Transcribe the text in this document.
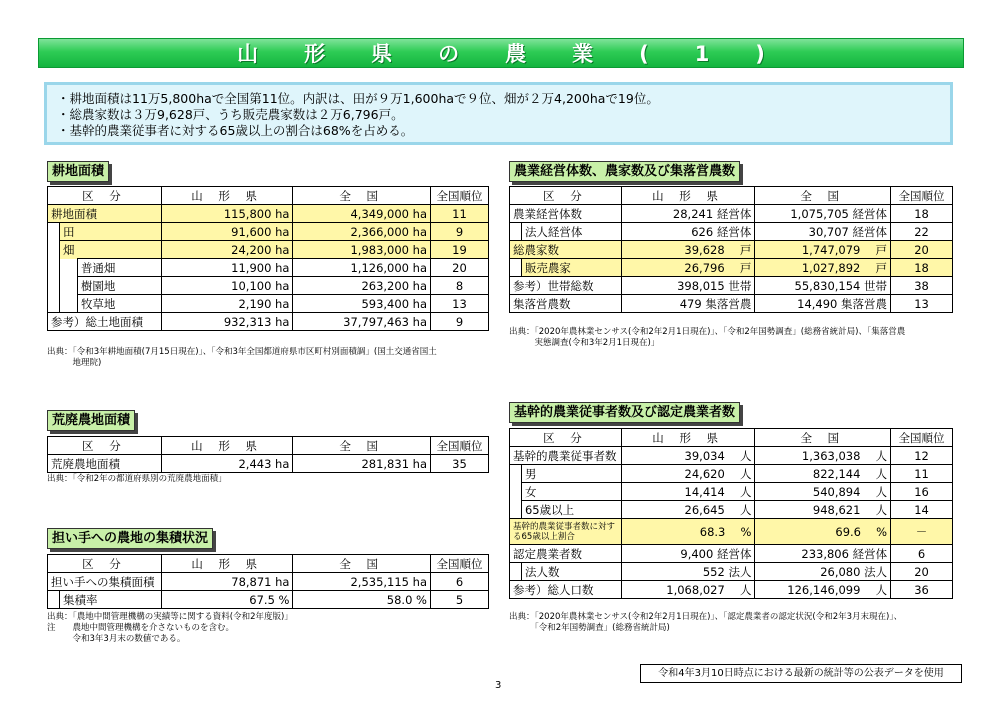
山形県の農業(1)
・耕地面積は11万5,800haで全国第11位。内訳は、田が９万1,600haで９位、畑が２万4,200haで19位。
・総農家数は３万9,628戸、うち販売農家数は２万6,796戸。
・基幹的農業従事者に対する65歳以上の割合は68%を占める。
耕地面積
区 分			山 形 県	全 国	全国順位
耕地面積			115,800 ha	4,349,000 ha	11
	田		91,600 ha	2,366,000 ha	9
	畑		24,200 ha	1,983,000 ha	19
		普通畑	11,900 ha	1,126,000 ha	20
		樹園地	10,100 ha	263,200 ha	8
		牧草地	2,190 ha	593,400 ha	13
参考）総土地面積			932,313 ha	37,797,463 ha	9
出典：「令和3年耕地面積(7月15日現在)」、「令和3年全国都道府県市区町村別面積調」(国土交通省国土
　　　地理院)
荒廃農地面積
区 分	山 形 県	全 国	全国順位
荒廃農地面積	2,443 ha	281,831 ha	35
出典：「令和2年の都道府県別の荒廃農地面積」
担い手への農地の集積状況
区 分		山 形 県	全 国	全国順位
担い手への集積面積		78,871 ha	2,535,115 ha	6
	集積率	67.5 %	58.0 %	5
出典：「農地中間管理機構の実績等に関する資料(令和2年度版)」
注　　農地中間管理機構を介さないものを含む。
　　　令和3年3月末の数値である。
農業経営体数、農家数及び集落営農数
区 分		山 形 県	全 国	全国順位
農業経営体数		28,241 経営体	1,075,705 経営体	18
	法人経営体	626 経営体	30,707 経営体	22
総農家数		39,628 　戸	1,747,079 　戸	20
	販売農家	26,796 　戸	1,027,892 　戸	18
参考）世帯総数		398,015 世帯	55,830,154 世帯	38
集落営農数		479 集落営農	14,490 集落営農	13
出典：「2020年農林業センサス(令和2年2月1日現在)」、「令和2年国勢調査」(総務省統計局)、「集落営農
　　　実態調査(令和3年2月1日現在)」
基幹的農業従事者数及び認定農業者数
区 分		山 形 県	全 国	全国順位
基幹的農業従事者数		39,034 　人	1,363,038 　人	12
	男	24,620 　人	822,144 　人	11
	女	14,414 　人	540,894 　人	16
	65歳以上	26,645 　人	948,621 　人	14
基幹的農業従事者数に対する65歳以上割合		68.3 　%	69.6 　%	－
認定農業者数		9,400 経営体	233,806 経営体	6
	法人数	552 法人	26,080 法人	20
参考）総人口数		1,068,027 　人	126,146,099 　人	36
出典：「2020年農林業センサス(令和2年2月1日現在)」、「認定農業者の認定状況(令和2年3月末現在)」、
　　　「令和2年国勢調査」(総務省統計局)
令和4年3月10日時点における最新の統計等の公表データを使用
3
